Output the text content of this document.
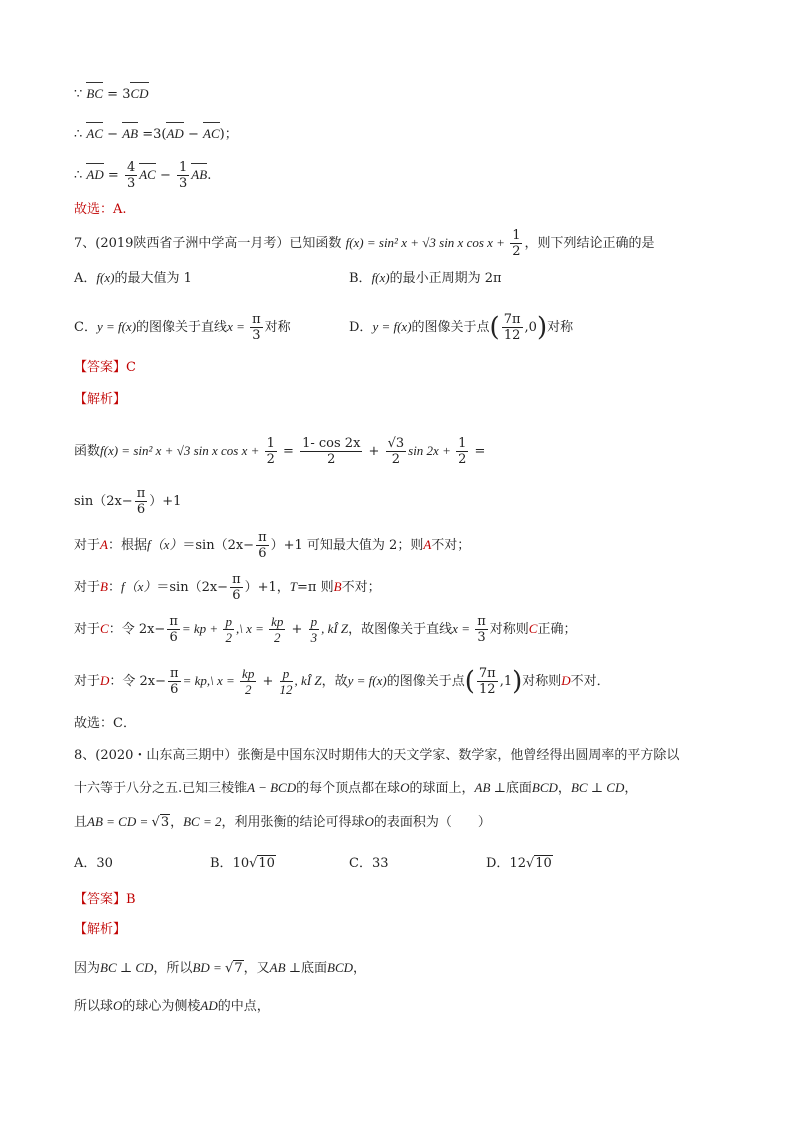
∵ BC = 3CD
∴ AC − AB =3(AD − AC)；
∴ AD = $\frac{4}{3}$ AC − $\frac{1}{3}$ AB.
故选：A.
7、(2019陕西省子洲中学高一月考）已知函数 f(x) = sin² x + √3 sin x $\cos x + \frac{1}{2}$ ，则下列结论正确的是
A．f(x)的最大值为 1	B．f(x)的最小正周期为 2π
C．y = f(x)的图像关于直线$x = \frac{\pi}{3}$ 对称	D．y = f(x)的图像关于点( $\frac{7\pi}{12} ,0$)对称
【答案】C
【解析】
函数f(x) = sin² x + √3 sin x $\cos x + \frac{1}{2} = \frac{1- \cos 2x}{2} + \frac{√3}{2}$ $\sin 2x + \frac{1}{2}$ =
$\sin(2x- \frac{\pi}{6} )+1$
对于A：根据$f(x)=\sin(2x- \frac{\pi}{6} )+1$ 可知最大值为 2；则A不对；
对于B：$f(x)=\sin(2x- \frac{\pi}{6} )+1$，T=π 则B不对；
对于C：令 $2x- \frac{\pi}{6}$ = kp + $\frac{p}{2}$ ,\ $x = \frac{kp}{2} + \frac{p}{3}$ , kÎ Z，故图像关于直线$x = \frac{\pi}{3}$ 对称则C正确；
对于D：令 $2x- \frac{\pi}{6}$ = kp,\ $x = \frac{kp}{2} + \frac{p}{12}$ , kÎ Z，故y = f(x)的图像关于点( $\frac{7\pi}{12} ,1$)对称则D不对．
故选：C．
8、(2020・山东高三期中）张衡是中国东汉时期伟大的天文学家、数学家，他曾经得出圆周率的平方除以
十六等于八分之五.已知三棱锥A − BCD的每个顶点都在球O的球面上，AB ⊥底面BCD，BC ⊥ CD，
且AB = CD = √3，BC = 2，利用张衡的结论可得球O的表面积为（　　）
A．30	B．10√10	C．33	D．12√10
【答案】B
【解析】
因为BC ⊥ CD，所以BD = √7，又AB ⊥底面BCD，
所以球O的球心为侧棱AD的中点，
